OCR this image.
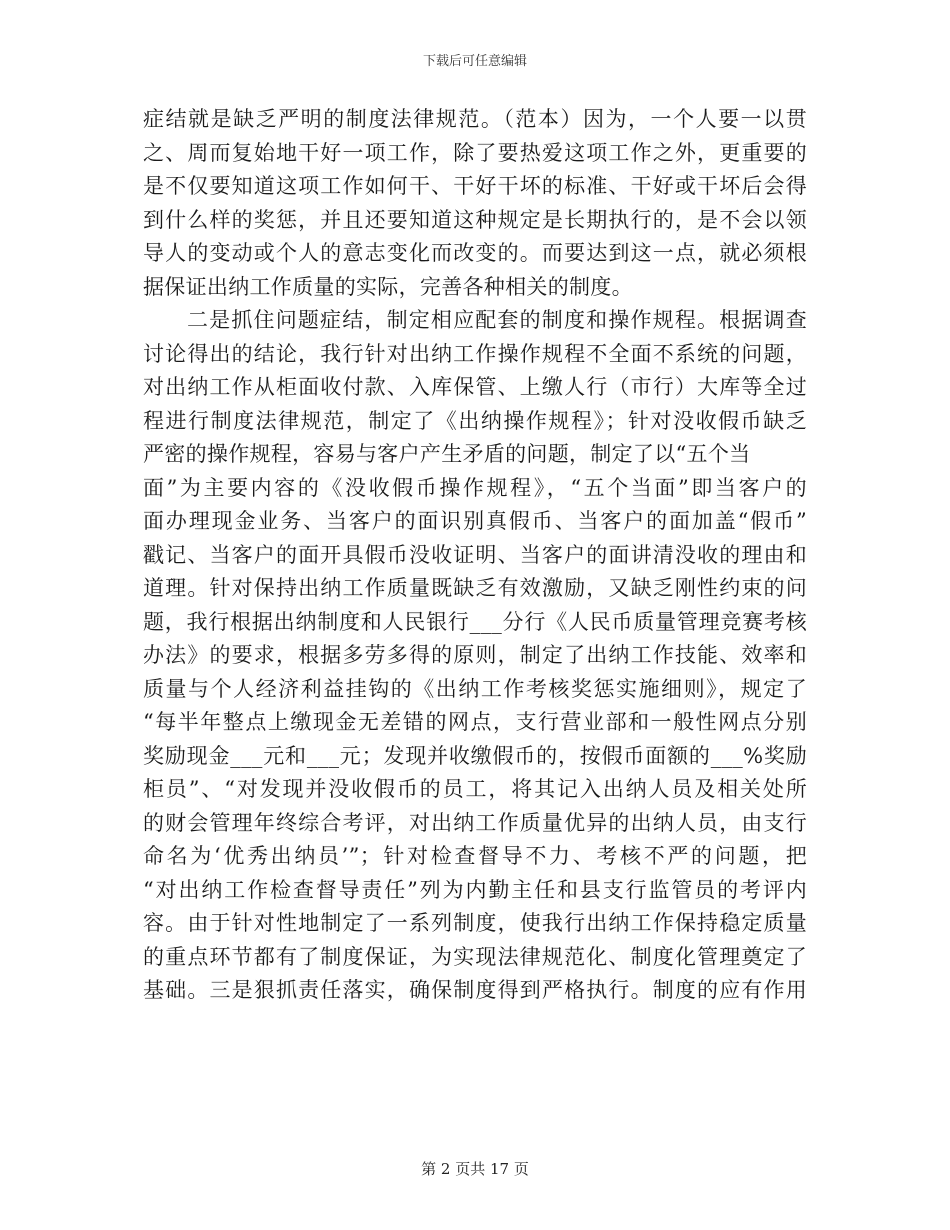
下载后可任意编辑
症结就是缺乏严明的制度法律规范。（范本）因为，一个人要一以贯
之、周而复始地干好一项工作，除了要热爱这项工作之外，更重要的
是不仅要知道这项工作如何干、干好干坏的标准、干好或干坏后会得
到什么样的奖惩，并且还要知道这种规定是长期执行的，是不会以领
导人的变动或个人的意志变化而改变的。而要达到这一点，就必须根
据保证出纳工作质量的实际，完善各种相关的制度。
二是抓住问题症结，制定相应配套的制度和操作规程。根据调查
讨论得出的结论，我行针对出纳工作操作规程不全面不系统的问题，
对出纳工作从柜面收付款、入库保管、上缴人行（市行）大库等全过
程进行制度法律规范，制定了《出纳操作规程》；针对没收假币缺乏
严密的操作规程，容易与客户产生矛盾的问题，制定了以“五个当
面”为主要内容的《没收假币操作规程》，“五个当面”即当客户的
面办理现金业务、当客户的面识别真假币、当客户的面加盖“假币”
戳记、当客户的面开具假币没收证明、当客户的面讲清没收的理由和
道理。针对保持出纳工作质量既缺乏有效激励，又缺乏刚性约束的问
题，我行根据出纳制度和人民银行___分行《人民币质量管理竞赛考核
办法》的要求，根据多劳多得的原则，制定了出纳工作技能、效率和
质量与个人经济利益挂钩的《出纳工作考核奖惩实施细则》，规定了
“每半年整点上缴现金无差错的网点，支行营业部和一般性网点分别
奖励现金___元和___元；发现并收缴假币的，按假币面额的___%奖励
柜员”、“对发现并没收假币的员工，将其记入出纳人员及相关处所
的财会管理年终综合考评，对出纳工作质量优异的出纳人员，由支行
命名为‘优秀出纳员’”；针对检查督导不力、考核不严的问题，把
“对出纳工作检查督导责任”列为内勤主任和县支行监管员的考评内
容。由于针对性地制定了一系列制度，使我行出纳工作保持稳定质量
的重点环节都有了制度保证，为实现法律规范化、制度化管理奠定了
基础。三是狠抓责任落实，确保制度得到严格执行。制度的应有作用
第 2 页共 17 页
